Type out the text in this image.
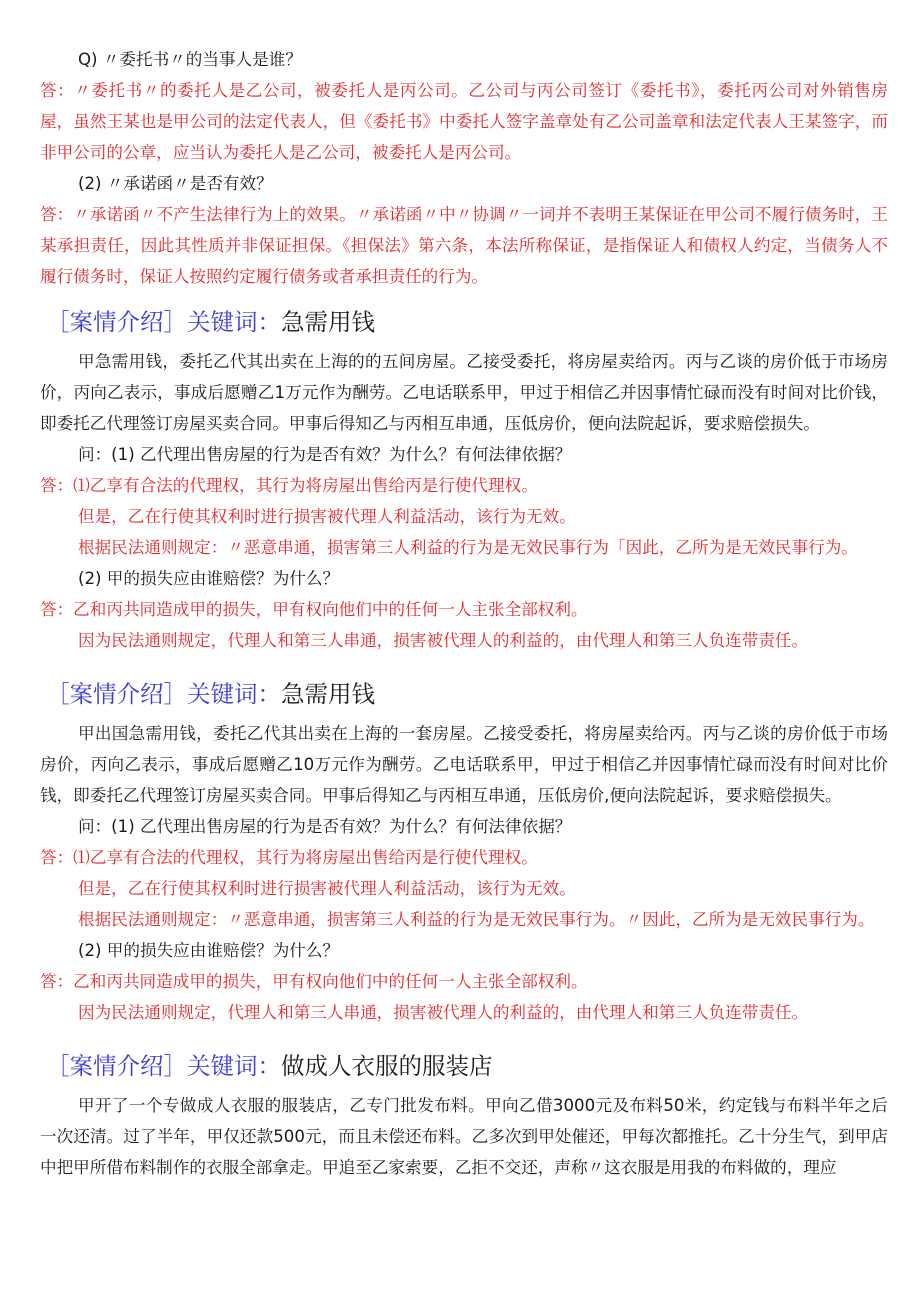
Q) 〃委托书〃的当事人是谁？

答：〃委托书〃的委托人是乙公司，被委托人是丙公司。乙公司与丙公司签订《委托书》，委托丙公司对外销售房屋，虽然王某也是甲公司的法定代表人，但《委托书》中委托人签字盖章处有乙公司盖章和法定代表人王某签字，而非甲公司的公章，应当认为委托人是乙公司，被委托人是丙公司。

(2) 〃承诺函〃是否有效？

答：〃承诺函〃不产生法律行为上的效果。〃承诺函〃中〃协调〃一词并不表明王某保证在甲公司不履行债务时，王某承担责任，因此其性质并非保证担保。《担保法》第六条，本法所称保证，是指保证人和债权人约定，当债务人不履行债务时，保证人按照约定履行债务或者承担责任的行为。

［案情介绍］关键词：急需用钱

甲急需用钱，委托乙代其出卖在上海的的五间房屋。乙接受委托，将房屋卖给丙。丙与乙谈的房价低于市场房价，丙向乙表示，事成后愿赠乙1万元作为酬劳。乙电话联系甲，甲过于相信乙并因事情忙碌而没有时间对比价钱，即委托乙代理签订房屋买卖合同。甲事后得知乙与丙相互串通，压低房价，便向法院起诉，要求赔偿损失。

问：(1) 乙代理出售房屋的行为是否有效？为什么？有何法律依据？

答：⑴乙享有合法的代理权，其行为将房屋出售给丙是行使代理权。

但是，乙在行使其权利时进行损害被代理人利益活动，该行为无效。

根据民法通则规定：〃恶意串通，损害第三人利益的行为是无效民事行为「因此，乙所为是无效民事行为。

(2) 甲的损失应由谁赔偿？为什么？

答：乙和丙共同造成甲的损失，甲有权向他们中的任何一人主张全部权利。

因为民法通则规定，代理人和第三人串通，损害被代理人的利益的，由代理人和第三人负连带责任。

［案情介绍］关键词：急需用钱

甲出国急需用钱，委托乙代其出卖在上海的一套房屋。乙接受委托，将房屋卖给丙。丙与乙谈的房价低于市场房价，丙向乙表示，事成后愿赠乙10万元作为酬劳。乙电话联系甲，甲过于相信乙并因事情忙碌而没有时间对比价钱，即委托乙代理签订房屋买卖合同。甲事后得知乙与丙相互串通，压低房价,便向法院起诉，要求赔偿损失。

问：(1) 乙代理出售房屋的行为是否有效？为什么？有何法律依据？

答：⑴乙享有合法的代理权，其行为将房屋出售给丙是行使代理权。

但是，乙在行使其权利时进行损害被代理人利益活动，该行为无效。

根据民法通则规定：〃恶意串通，损害第三人利益的行为是无效民事行为。〃因此，乙所为是无效民事行为。

(2) 甲的损失应由谁赔偿？为什么？

答：乙和丙共同造成甲的损失，甲有权向他们中的任何一人主张全部权利。

因为民法通则规定，代理人和第三人串通，损害被代理人的利益的，由代理人和第三人负连带责任。

［案情介绍］关键词：做成人衣服的服装店

甲开了一个专做成人衣服的服装店，乙专门批发布料。甲向乙借3000元及布料50米，约定钱与布料半年之后一次还清。过了半年，甲仅还款500元，而且未偿还布料。乙多次到甲处催还，甲每次都推托。乙十分生气，到甲店中把甲所借布料制作的衣服全部拿走。甲追至乙家索要，乙拒不交还，声称〃这衣服是用我的布料做的，理应
